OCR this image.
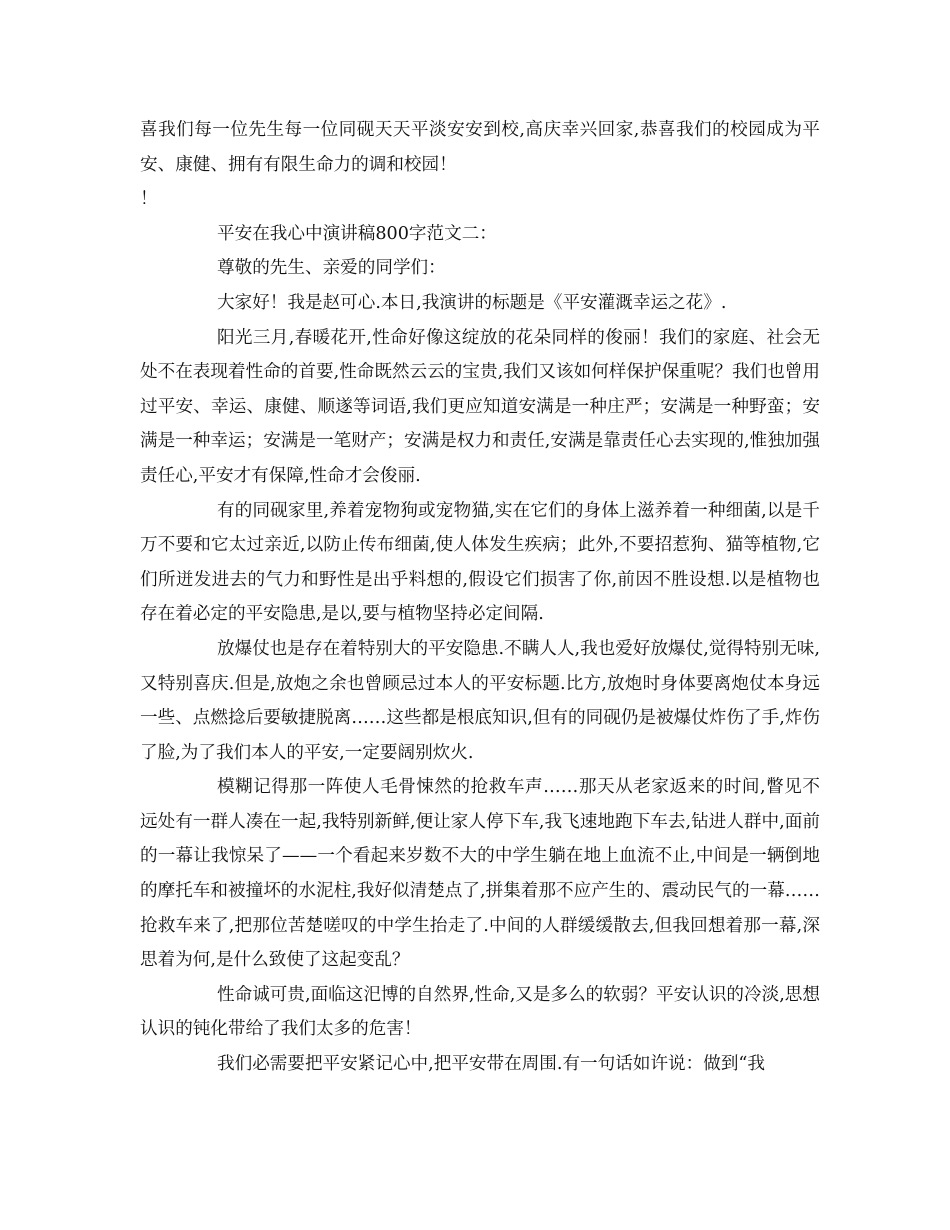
喜我们每一位先生每一位同砚天天平淡安安到校,高庆幸兴回家,恭喜我们的校园成为平安、康健、拥有有限生命力的调和校园！

！

平安在我心中演讲稿800字范文二：

尊敬的先生、亲爱的同学们：

大家好！我是赵可心.本日,我演讲的标题是《平安灌溉幸运之花》.

阳光三月,春暖花开,性命好像这绽放的花朵同样的俊丽！我们的家庭、社会无处不在表现着性命的首要,性命既然云云的宝贵,我们又该如何样保护保重呢？我们也曾用过平安、幸运、康健、顺遂等词语,我们更应知道安满是一种庄严；安满是一种野蛮；安满是一种幸运；安满是一笔财产；安满是权力和责任,安满是靠责任心去实现的,惟独加强责任心,平安才有保障,性命才会俊丽.

有的同砚家里,养着宠物狗或宠物猫,实在它们的身体上滋养着一种细菌,以是千万不要和它太过亲近,以防止传布细菌,使人体发生疾病；此外,不要招惹狗、猫等植物,它们所迸发进去的气力和野性是出乎料想的,假设它们损害了你,前因不胜设想.以是植物也存在着必定的平安隐患,是以,要与植物坚持必定间隔.

放爆仗也是存在着特别大的平安隐患.不瞒人人,我也爱好放爆仗,觉得特别无味,又特别喜庆.但是,放炮之余也曾顾忌过本人的平安标题.比方,放炮时身体要离炮仗本身远一些、点燃捻后要敏捷脱离……这些都是根底知识,但有的同砚仍是被爆仗炸伤了手,炸伤了脸,为了我们本人的平安,一定要阔别炊火.

模糊记得那一阵使人毛骨悚然的抢救车声……那天从老家返来的时间,瞥见不远处有一群人凑在一起,我特别新鲜,便让家人停下车,我飞速地跑下车去,钻进人群中,面前的一幕让我惊呆了——一个看起来岁数不大的中学生躺在地上血流不止,中间是一辆倒地的摩托车和被撞坏的水泥柱,我好似清楚点了,拼集着那不应产生的、震动民气的一幕……抢救车来了,把那位苦楚嗟叹的中学生抬走了.中间的人群缓缓散去,但我回想着那一幕,深思着为何,是什么致使了这起变乱？

性命诚可贵,面临这汜博的自然界,性命,又是多么的软弱？平安认识的冷淡,思想认识的钝化带给了我们太多的危害！

我们必需要把平安紧记心中,把平安带在周围.有一句话如许说：做到“我
